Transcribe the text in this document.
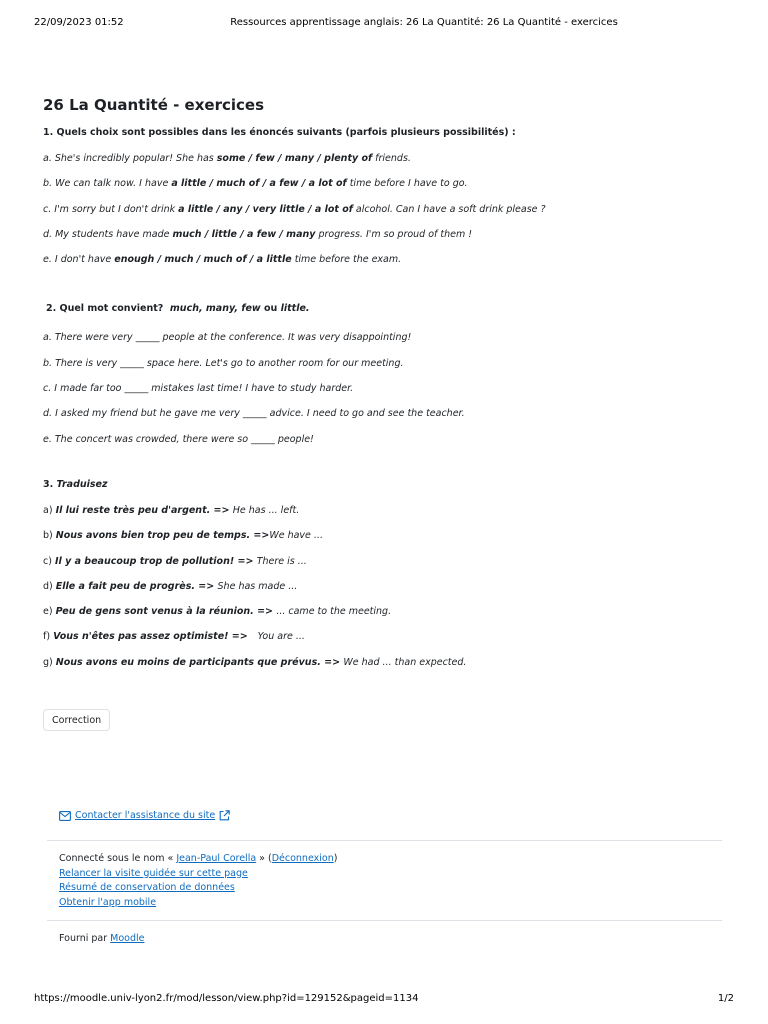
22/09/2023 01:52	Ressources apprentissage anglais: 26 La Quantité: 26 La Quantité - exercices
26 La Quantité - exercices

1. Quels choix sont possibles dans les énoncés suivants (parfois plusieurs possibilités) :

a. She's incredibly popular! She has some / few / many / plenty of friends.
b. We can talk now. I have a little / much of / a few / a lot of time before I have to go.
c. I'm sorry but I don't drink a little / any / very little / a lot of alcohol. Can I have a soft drink please ?
d. My students have made much / little / a few / many progress. I'm so proud of them !
e. I don't have enough / much / much of / a little time before the exam.

2. Quel mot convient? much, many, few ou little.

a. There were very _____ people at the conference. It was very disappointing!
b. There is very _____ space here. Let's go to another room for our meeting.
c. I made far too _____ mistakes last time! I have to study harder.
d. I asked my friend but he gave me very _____ advice. I need to go and see the teacher.
e. The concert was crowded, there were so _____ people!

3. Traduisez

a) Il lui reste très peu d'argent. => He has ... left.
b) Nous avons bien trop peu de temps. =>We have ...
c) Il y a beaucoup trop de pollution! => There is ...
d) Elle a fait peu de progrès. => She has made ...
e) Peu de gens sont venus à la réunion. => ... came to the meeting.
f) Vous n'êtes pas assez optimiste! =>   You are ...
g) Nous avons eu moins de participants que prévus. => We had ... than expected.
Correction
Contacter l'assistance du site
Connecté sous le nom « Jean-Paul Corella » (Déconnexion)
Relancer la visite guidée sur cette page
Résumé de conservation de données
Obtenir l'app mobile
Fourni par Moodle
https://moodle.univ-lyon2.fr/mod/lesson/view.php?id=129152&pageid=1134	1/2
